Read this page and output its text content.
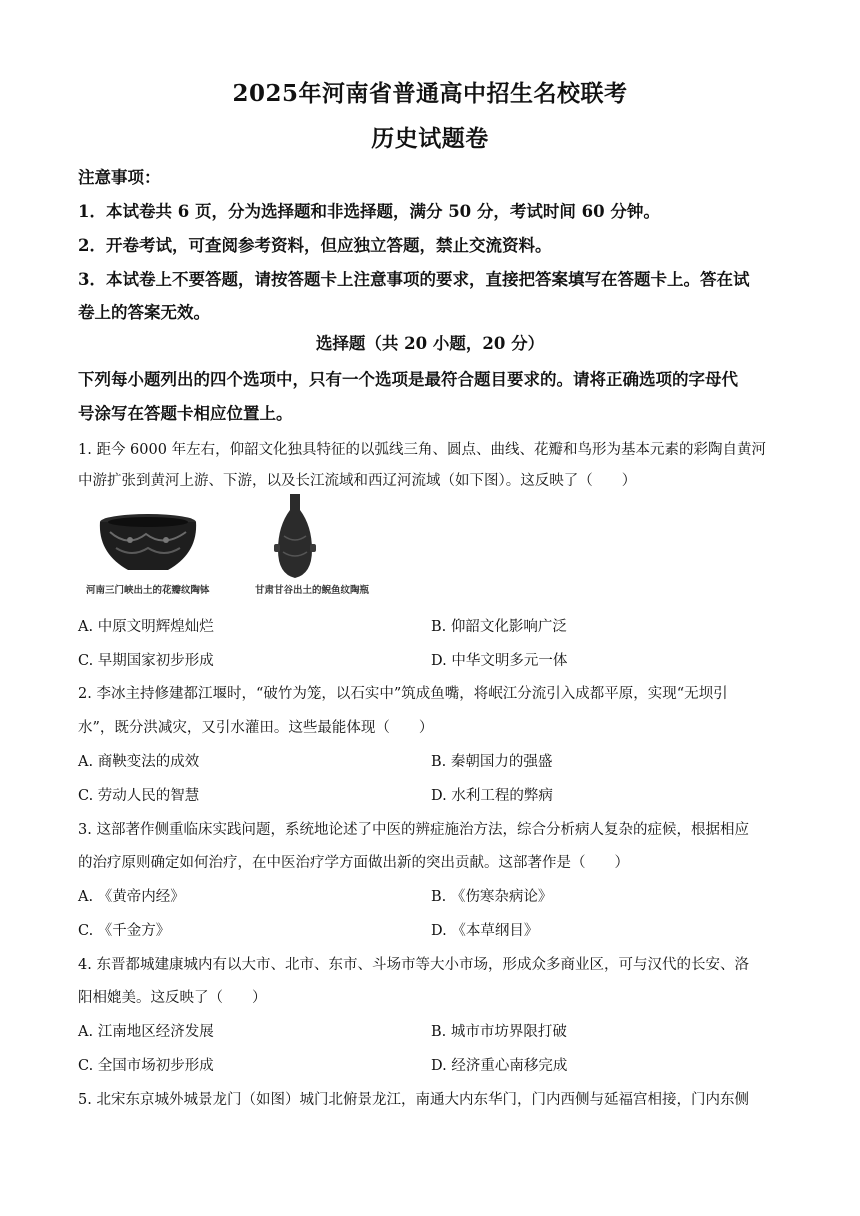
2025年河南省普通高中招生名校联考
历史试题卷
注意事项：
1．本试卷共 6 页，分为选择题和非选择题，满分 50 分，考试时间 60 分钟。
2．开卷考试，可查阅参考资料，但应独立答题，禁止交流资料。
3．本试卷上不要答题，请按答题卡上注意事项的要求，直接把答案填写在答题卡上。答在试
卷上的答案无效。
选择题（共 20 小题，20 分）
下列每小题列出的四个选项中，只有一个选项是最符合题目要求的。请将正确选项的字母代
号涂写在答题卡相应位置上。
1. 距今 6000 年左右，仰韶文化独具特征的以弧线三角、圆点、曲线、花瓣和鸟形为基本元素的彩陶自黄河
中游扩张到黄河上游、下游，以及长江流域和西辽河流域（如下图）。这反映了（　　）
河南三门峡出土的花瓣纹陶钵	甘肃甘谷出土的鲵鱼纹陶瓶
A. 中原文明辉煌灿烂	B. 仰韶文化影响广泛
C. 早期国家初步形成	D. 中华文明多元一体
2. 李冰主持修建都江堰时，“破竹为笼，以石实中”筑成鱼嘴，将岷江分流引入成都平原，实现“无坝引
水”，既分洪减灾，又引水灌田。这些最能体现（　　）
A. 商鞅变法的成效	B. 秦朝国力的强盛
C. 劳动人民的智慧	D. 水利工程的弊病
3. 这部著作侧重临床实践问题，系统地论述了中医的辨症施治方法，综合分析病人复杂的症候，根据相应
的治疗原则确定如何治疗，在中医治疗学方面做出新的突出贡献。这部著作是（　　）
A. 《黄帝内经》	B. 《伤寒杂病论》
C. 《千金方》	D. 《本草纲目》
4. 东晋都城建康城内有以大市、北市、东市、斗场市等大小市场，形成众多商业区，可与汉代的长安、洛
阳相媲美。这反映了（　　）
A. 江南地区经济发展	B. 城市市坊界限打破
C. 全国市场初步形成	D. 经济重心南移完成
5. 北宋东京城外城景龙门（如图）城门北俯景龙江，南通大内东华门，门内西侧与延福宫相接，门内东侧
